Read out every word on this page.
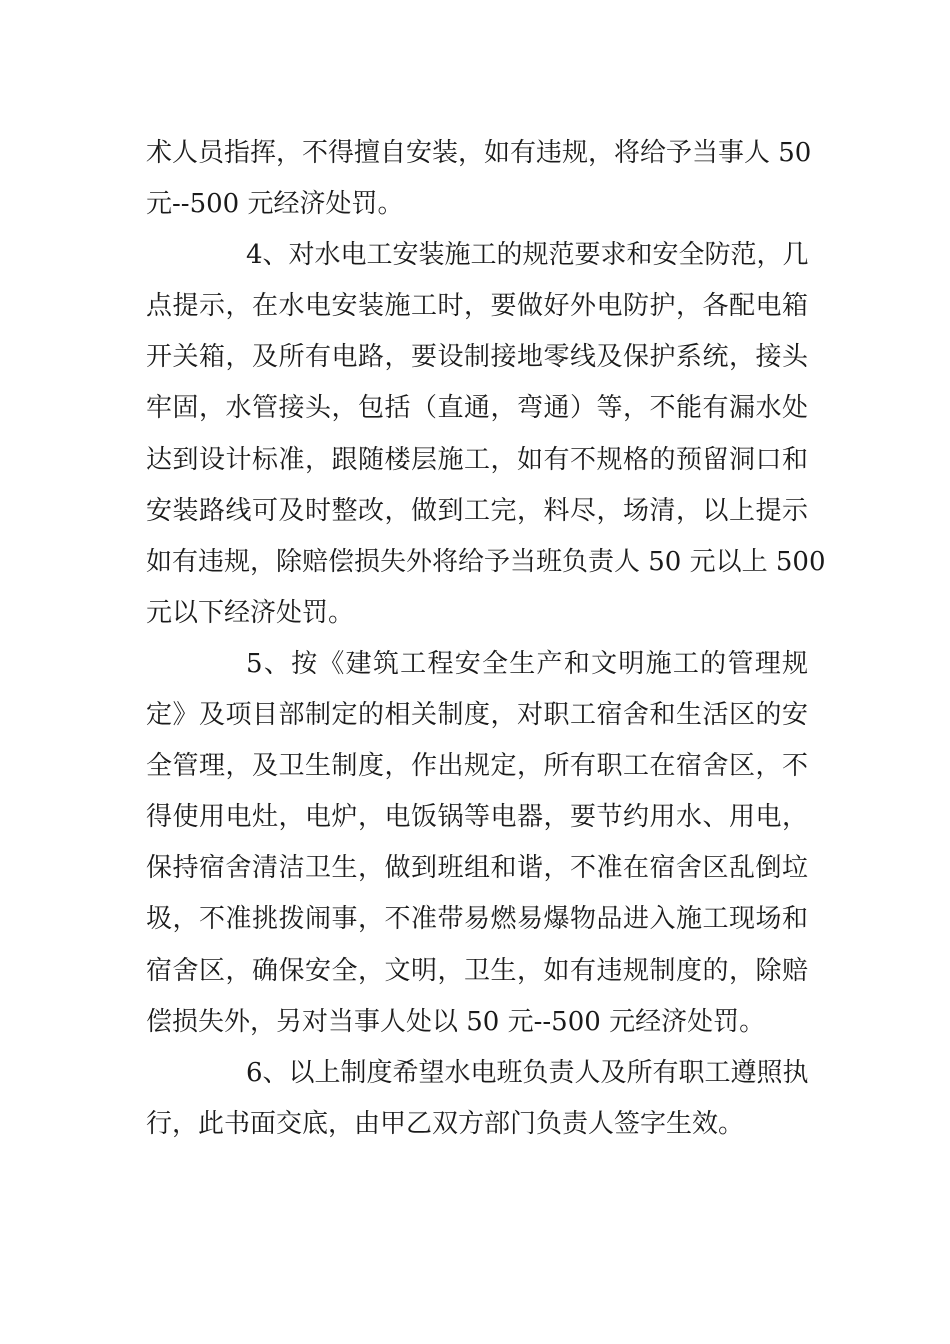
术人员指挥，不得擅自安装，如有违规，将给予当事人 50
元--500 元经济处罚。
4、对水电工安装施工的规范要求和安全防范，几
点提示，在水电安装施工时，要做好外电防护，各配电箱
开关箱，及所有电路，要设制接地零线及保护系统，接头
牢固，水管接头，包括（直通，弯通）等，不能有漏水处
达到设计标准，跟随楼层施工，如有不规格的预留洞口和
安装路线可及时整改，做到工完，料尽，场清，以上提示
如有违规，除赔偿损失外将给予当班负责人 50 元以上 500
元以下经济处罚。
5、按《建筑工程安全生产和文明施工的管理规
定》及项目部制定的相关制度，对职工宿舍和生活区的安
全管理，及卫生制度，作出规定，所有职工在宿舍区，不
得使用电灶，电炉，电饭锅等电器，要节约用水、用电，
保持宿舍清洁卫生，做到班组和谐，不准在宿舍区乱倒垃
圾，不准挑拨闹事，不准带易燃易爆物品进入施工现场和
宿舍区，确保安全，文明，卫生，如有违规制度的，除赔
偿损失外，另对当事人处以 50 元--500 元经济处罚。
6、以上制度希望水电班负责人及所有职工遵照执
行，此书面交底，由甲乙双方部门负责人签字生效。
